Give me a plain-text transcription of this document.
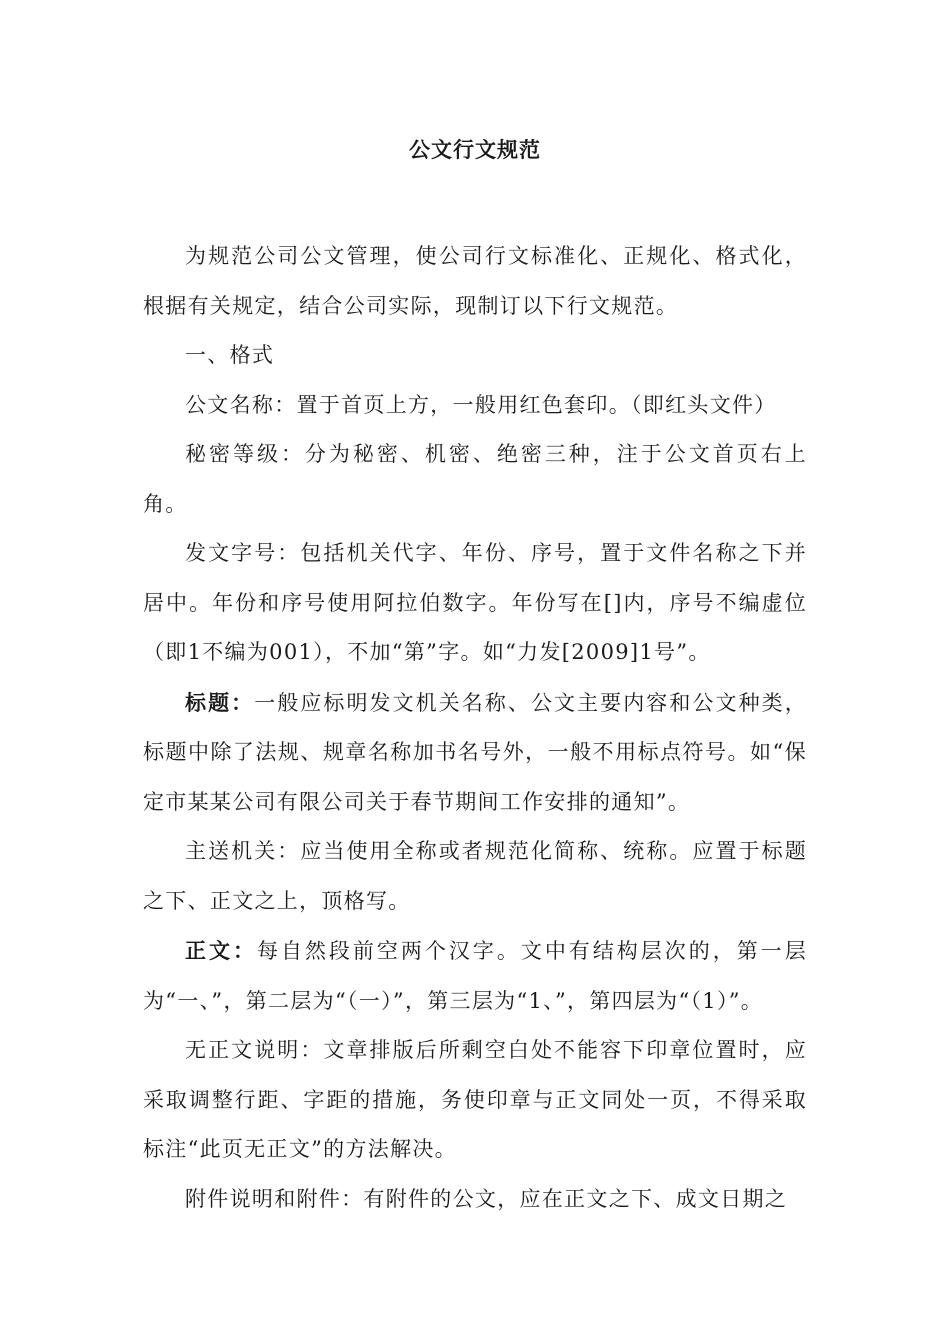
公文行文规范

为规范公司公文管理，使公司行文标准化、正规化、格式化，根据有关规定，结合公司实际，现制订以下行文规范。

一、格式

公文名称：置于首页上方，一般用红色套印。（即红头文件）

秘密等级：分为秘密、机密、绝密三种，注于公文首页右上角。

发文字号：包括机关代字、年份、序号，置于文件名称之下并居中。年份和序号使用阿拉伯数字。年份写在[]内，序号不编虚位（即1不编为001），不加“第”字。如“力发[2009]1号”。

标题：一般应标明发文机关名称、公文主要内容和公文种类，标题中除了法规、规章名称加书名号外，一般不用标点符号。如“保定市某某公司有限公司关于春节期间工作安排的通知”。

主送机关：应当使用全称或者规范化简称、统称。应置于标题之下、正文之上，顶格写。

正文：每自然段前空两个汉字。文中有结构层次的，第一层为“一、”，第二层为“（一）”，第三层为“1、”，第四层为“（1）”。

无正文说明：文章排版后所剩空白处不能容下印章位置时，应采取调整行距、字距的措施，务使印章与正文同处一页，不得采取标注“此页无正文”的方法解决。

附件说明和附件：有附件的公文，应在正文之下、成文日期之
